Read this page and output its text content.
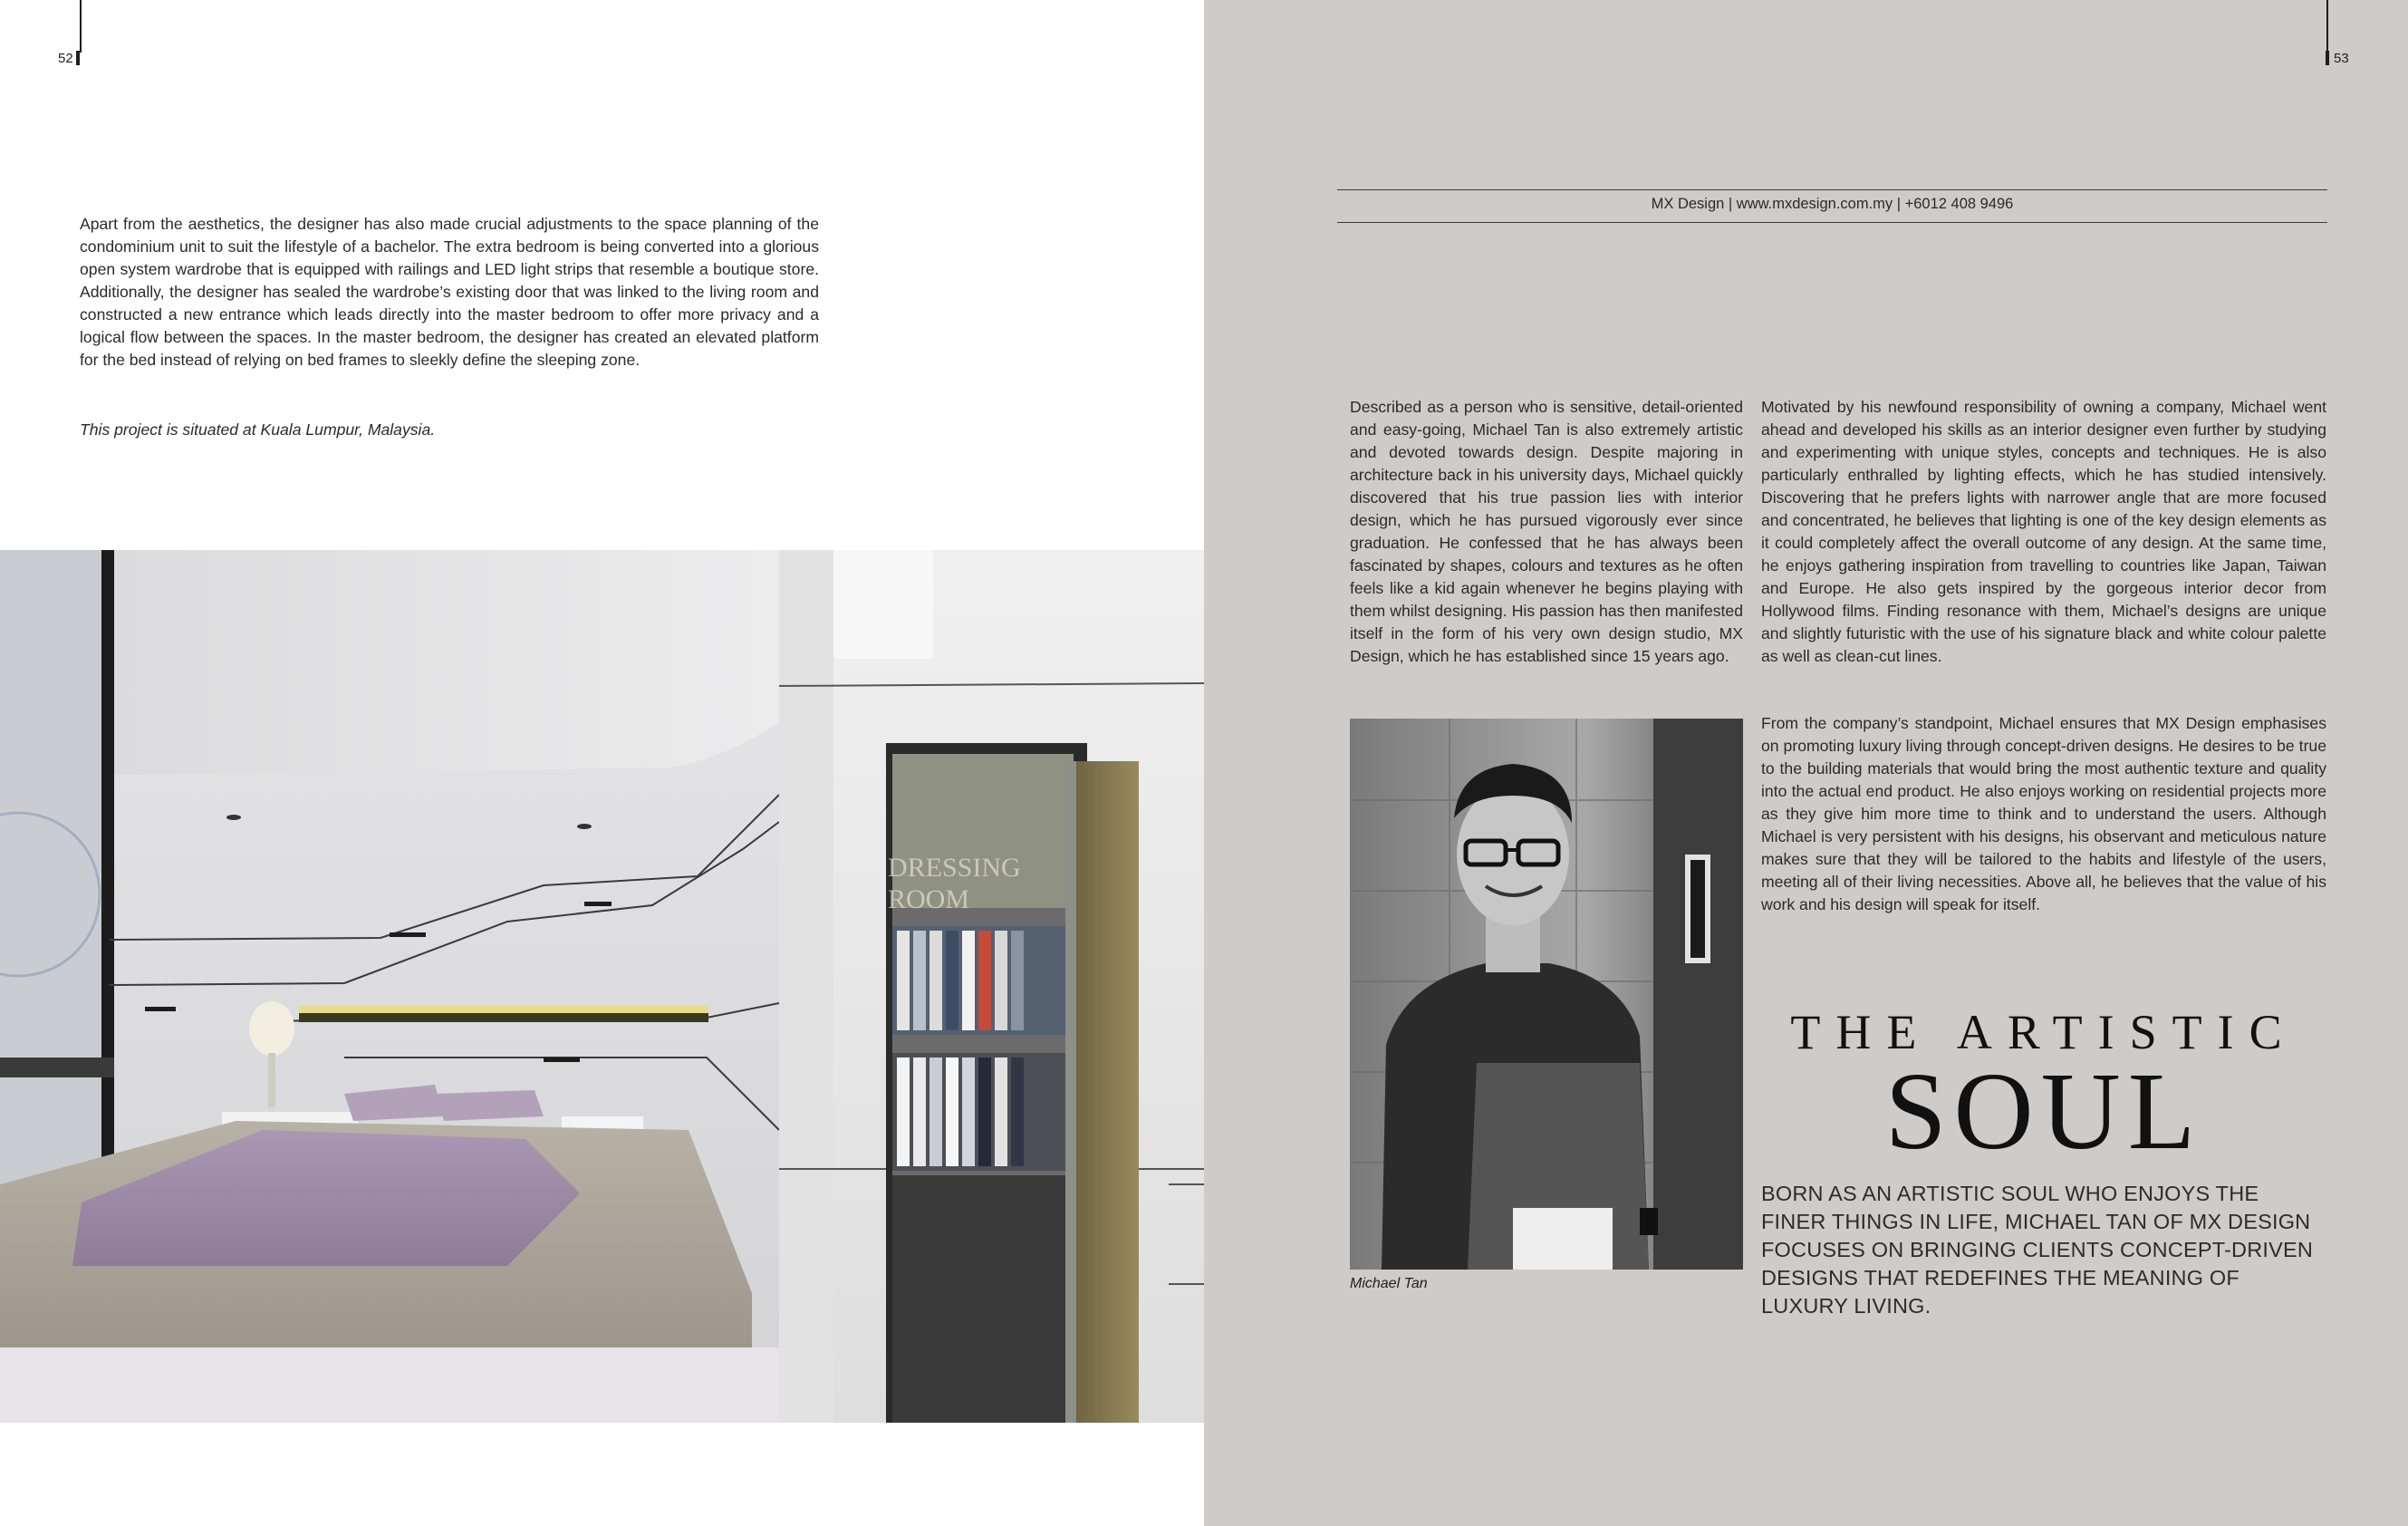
52

Apart from the aesthetics, the designer has also made crucial adjustments to the space planning of the condominium unit to suit the lifestyle of a bachelor. The extra bedroom is being converted into a glorious open system wardrobe that is equipped with railings and LED light strips that resemble a boutique store. Additionally, the designer has sealed the wardrobe’s existing door that was linked to the living room and constructed a new entrance which leads directly into the master bedroom to offer more privacy and a logical flow between the spaces. In the master bedroom, the designer has created an elevated platform for the bed instead of relying on bed frames to sleekly define the sleeping zone.

This project is situated at Kuala Lumpur, Malaysia.

DRESSING
ROOM
53
MX Design | www.mxdesign.com.my | +6012 408 9496

Described as a person who is sensitive, detail-oriented and easy-going, Michael Tan is also extremely artistic and devoted towards design. Despite majoring in architecture back in his university days, Michael quickly discovered that his true passion lies with interior design, which he has pursued vigorously ever since graduation. He confessed that he has always been fascinated by shapes, colours and textures as he often feels like a kid again whenever he begins playing with them whilst designing. His passion has then manifested itself in the form of his very own design studio, MX Design, which he has established since 15 years ago.

Motivated by his newfound responsibility of owning a company, Michael went ahead and developed his skills as an interior designer even further by studying and experimenting with unique styles, concepts and techniques. He is also particularly enthralled by lighting effects, which he has studied intensively. Discovering that he prefers lights with narrower angle that are more focused and concentrated, he believes that lighting is one of the key design elements as it could completely affect the overall outcome of any design. At the same time, he enjoys gathering inspiration from travelling to countries like Japan, Taiwan and Europe. He also gets inspired by the gorgeous interior decor from Hollywood films. Finding resonance with them, Michael’s designs are unique and slightly futuristic with the use of his signature black and white colour palette as well as clean-cut lines.

From the company’s standpoint, Michael ensures that MX Design emphasises on promoting luxury living through concept-driven designs. He desires to be true to the building materials that would bring the most authentic texture and quality into the actual end product. He also enjoys working on residential projects more as they give him more time to think and to understand the users. Although Michael is very persistent with his designs, his observant and meticulous nature makes sure that they will be tailored to the habits and lifestyle of the users, meeting all of their living necessities. Above all, he believes that the value of his work and his design will speak for itself.

Michael Tan
THE ARTISTIC
SOUL

BORN AS AN ARTISTIC SOUL WHO ENJOYS THE FINER THINGS IN LIFE, MICHAEL TAN OF MX DESIGN FOCUSES ON BRINGING CLIENTS CONCEPT-DRIVEN DESIGNS THAT REDEFINES THE MEANING OF LUXURY LIVING.
